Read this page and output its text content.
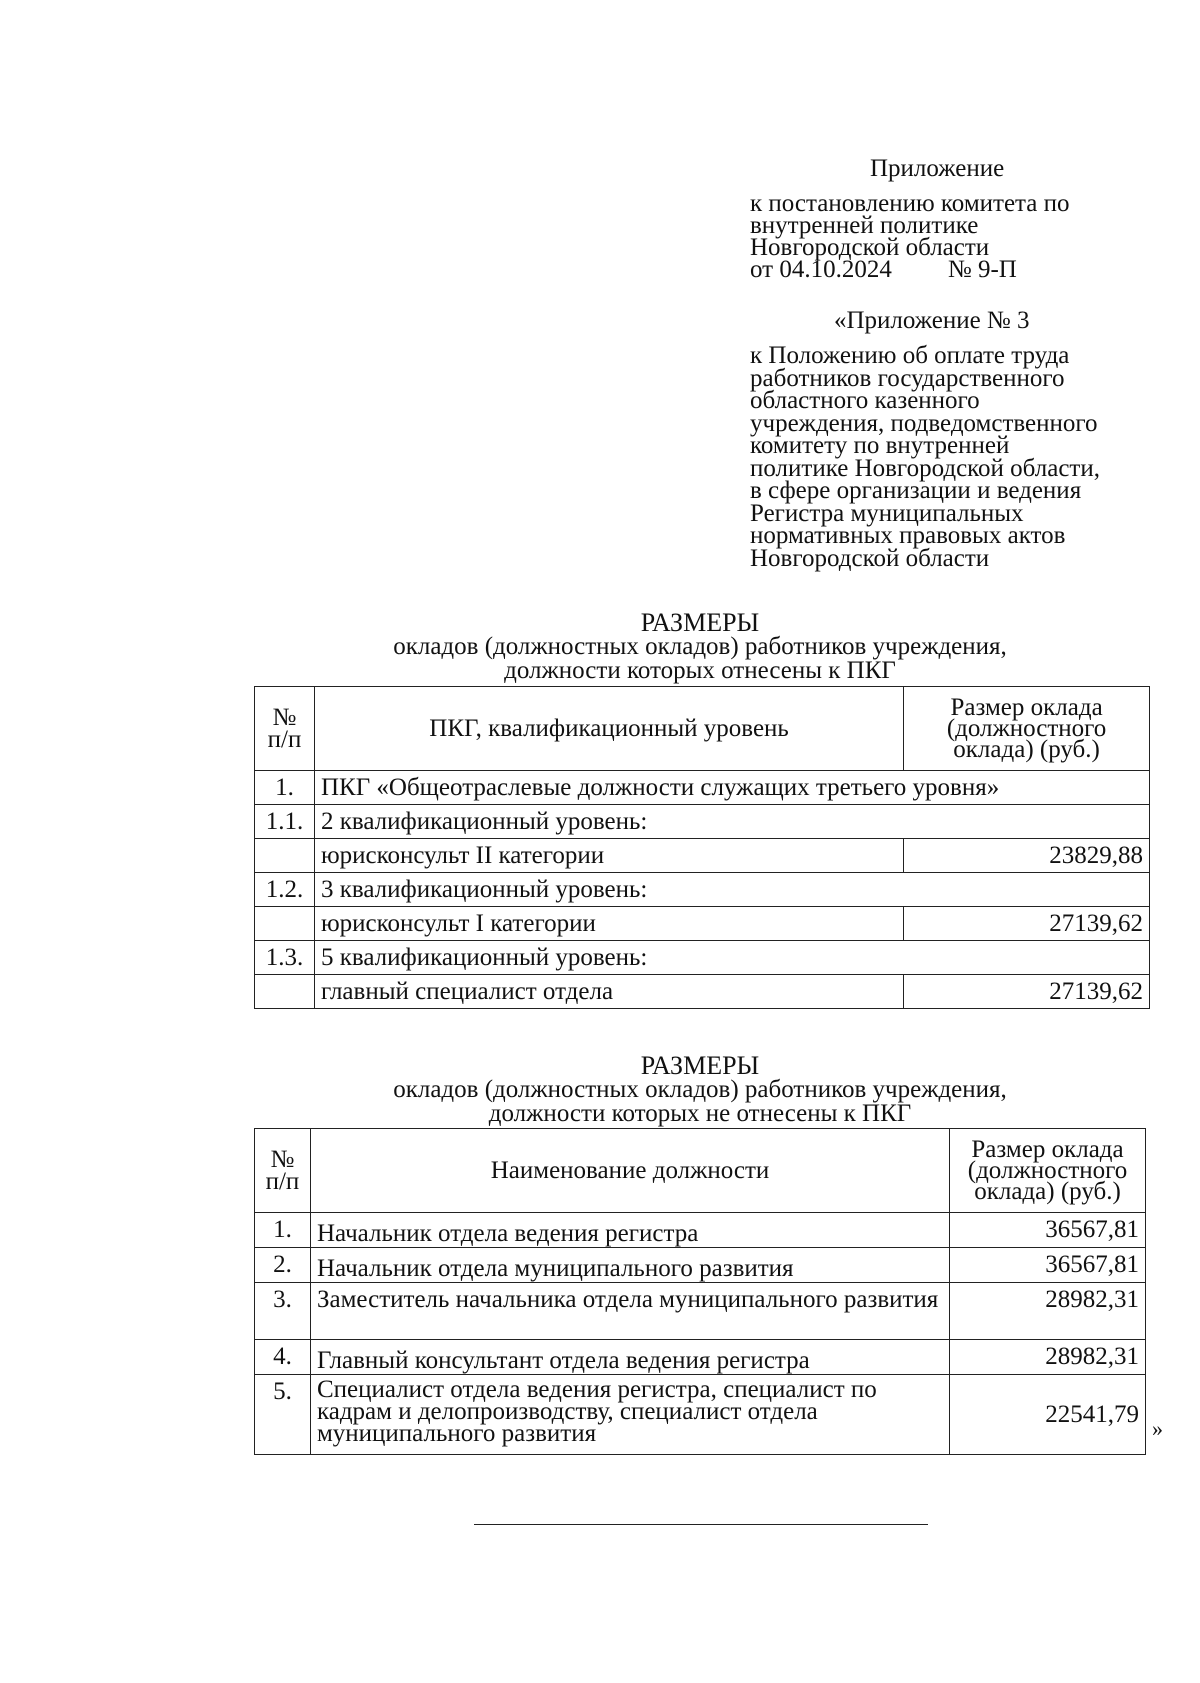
Приложение
к постановлению комитета по
внутренней политике
Новгородской области
от 04.10.2024 № 9-П
«Приложение № 3
к Положению об оплате труда
работников государственного
областного казенного
учреждения, подведомственного
комитету по внутренней
политике Новгородской области,
в сфере организации и ведения
Регистра муниципальных
нормативных правовых актов
Новгородской области
РАЗМЕРЫ
окладов (должностных окладов) работников учреждения,
должности которых отнесены к ПКГ
№
п/п	ПКГ, квалификационный уровень	Размер оклада (должностного оклада) (руб.)
1.	ПКГ «Общеотраслевые должности служащих третьего уровня»	
1.1.	2 квалификационный уровень:	
	юрисконсульт II категории	23829,88
1.2.	3 квалификационный уровень:	
	юрисконсульт I категории	27139,62
1.3.	5 квалификационный уровень:	
	главный специалист отдела	27139,62
РАЗМЕРЫ
окладов (должностных окладов) работников учреждения,
должности которых не отнесены к ПКГ
№
п/п	Наименование должности	Размер оклада (должностного оклада) (руб.)
1.	Начальник отдела ведения регистра	36567,81
2.	Начальник отдела муниципального развития	36567,81
3.	Заместитель начальника отдела муниципального развития	28982,31
4.	Главный консультант отдела ведения регистра	28982,31
5.	Специалист отдела ведения регистра, специалист по кадрам и делопроизводству, специалист отдела муниципального развития	22541,79
»
